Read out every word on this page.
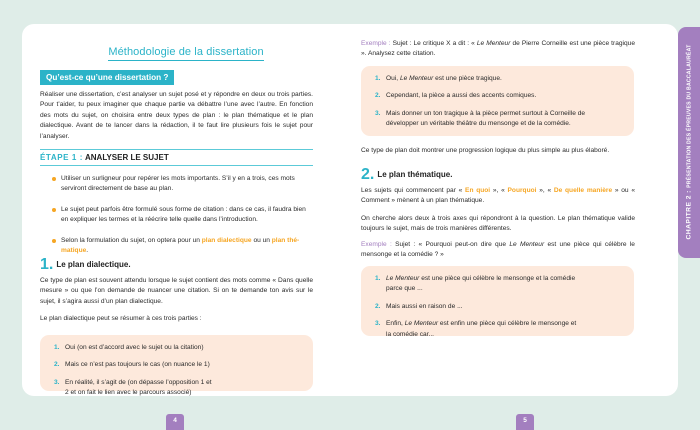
Méthodologie de la dissertation
Qu’est-ce qu’une dissertation ?
Réaliser une dissertation, c’est analyser un sujet posé et y répondre en deux ou trois parties. Pour t’aider, tu peux imaginer que chaque partie va débattre l’une avec l’autre. En fonction des mots du sujet, on choisira entre deux types de plan : le plan thématique et le plan dialectique. Avant de te lancer dans la rédaction, il te faut lire plusieurs fois le sujet pour l’analyser.
ÉTAPE 1 : ANALYSER LE SUJET
Utiliser un surligneur pour repérer les mots importants. S’il y en a trois, ces mots serviront directement de base au plan.
Le sujet peut parfois être formulé sous forme de citation : dans ce cas, il faudra bien en expliquer les termes et la réécrire telle quelle dans l’introduction.
Selon la formulation du sujet, on optera pour un plan dialectique ou un plan thé-matique.
1. Le plan dialectique.
Ce type de plan est souvent attendu lorsque le sujet contient des mots comme « Dans quelle mesure » ou que l’on demande de nuancer une citation. Si on te demande ton avis sur le sujet, il s’agira aussi d’un plan dialectique.
Le plan dialectique peut se résumer à ces trois parties :
1. Oui (on est d’accord avec le sujet ou la citation)
2. Mais ce n’est pas toujours le cas (on nuance le 1)
3. En réalité, il s’agit de (on dépasse l’opposition 1 et 2 et on fait le lien avec le parcours associé)
Exemple : Sujet : Le critique X a dit : « Le Menteur de Pierre Corneille est une pièce tragique ». Analysez cette citation.
1. Oui, Le Menteur est une pièce tragique.
2. Cependant, la pièce a aussi des accents comiques.
3. Mais donner un ton tragique à la pièce permet surtout à Corneille de développer un véritable théâtre du mensonge et de la comédie.
Ce type de plan doit montrer une progression logique du plus simple au plus élaboré.
2. Le plan thématique.
Les sujets qui commencent par « En quoi », « Pourquoi », « De quelle manière » ou « Comment » mènent à un plan thématique.
On cherche alors deux à trois axes qui répondront à la question. Le plan thématique valide toujours le sujet, mais de trois manières différentes.
Exemple : Sujet : « Pourquoi peut-on dire que Le Menteur est une pièce qui célèbre le mensonge et la comédie ? »
1. Le Menteur est une pièce qui célèbre le mensonge et la comédie parce que ...
2. Mais aussi en raison de ...
3. Enfin, Le Menteur est enfin une pièce qui célèbre le mensonge et la comédie car...
4	5
CHAPITRE 2 : PRÉSENTATION DES ÉPREUVES DU BACCALAURÉAT
